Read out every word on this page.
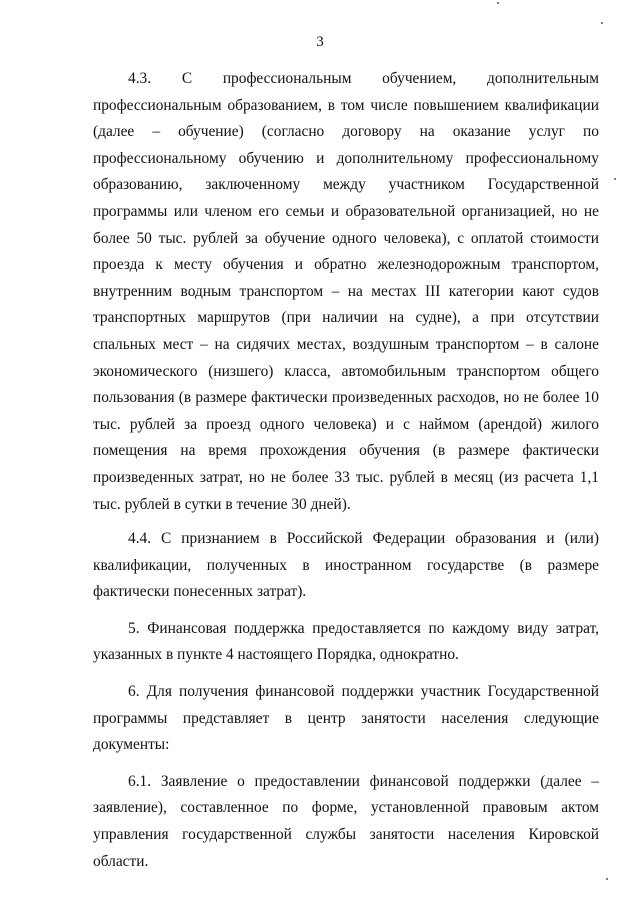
3

4.3. С профессиональным обучением, дополнительным профессиональным образованием, в том числе повышением квалификации (далее – обучение) (согласно договору на оказание услуг по профессиональному обучению и дополнительному профессиональному образованию, заключенному между участником Государственной программы или членом его семьи и образовательной организацией, но не более 50 тыс. рублей за обучение одного человека), с оплатой стоимости проезда к месту обучения и обратно железнодорожным транспортом, внутренним водным транспортом – на местах III категории кают судов транспортных маршрутов (при наличии на судне), а при отсутствии спальных мест – на сидячих местах, воздушным транспортом – в салоне экономического (низшего) класса, автомобильным транспортом общего пользования (в размере фактически произведенных расходов, но не более 10 тыс. рублей за проезд одного человека) и с наймом (арендой) жилого помещения на время прохождения обучения (в размере фактически произведенных затрат, но не более 33 тыс. рублей в месяц (из расчета 1,1 тыс. рублей в сутки в течение 30 дней).

4.4. С признанием в Российской Федерации образования и (или) квалификации, полученных в иностранном государстве (в размере фактически понесенных затрат).

5. Финансовая поддержка предоставляется по каждому виду затрат, указанных в пункте 4 настоящего Порядка, однократно.

6. Для получения финансовой поддержки участник Государственной программы представляет в центр занятости населения следующие документы:

6.1. Заявление о предоставлении финансовой поддержки (далее – заявление), составленное по форме, установленной правовым актом управления государственной службы занятости населения Кировской области.
